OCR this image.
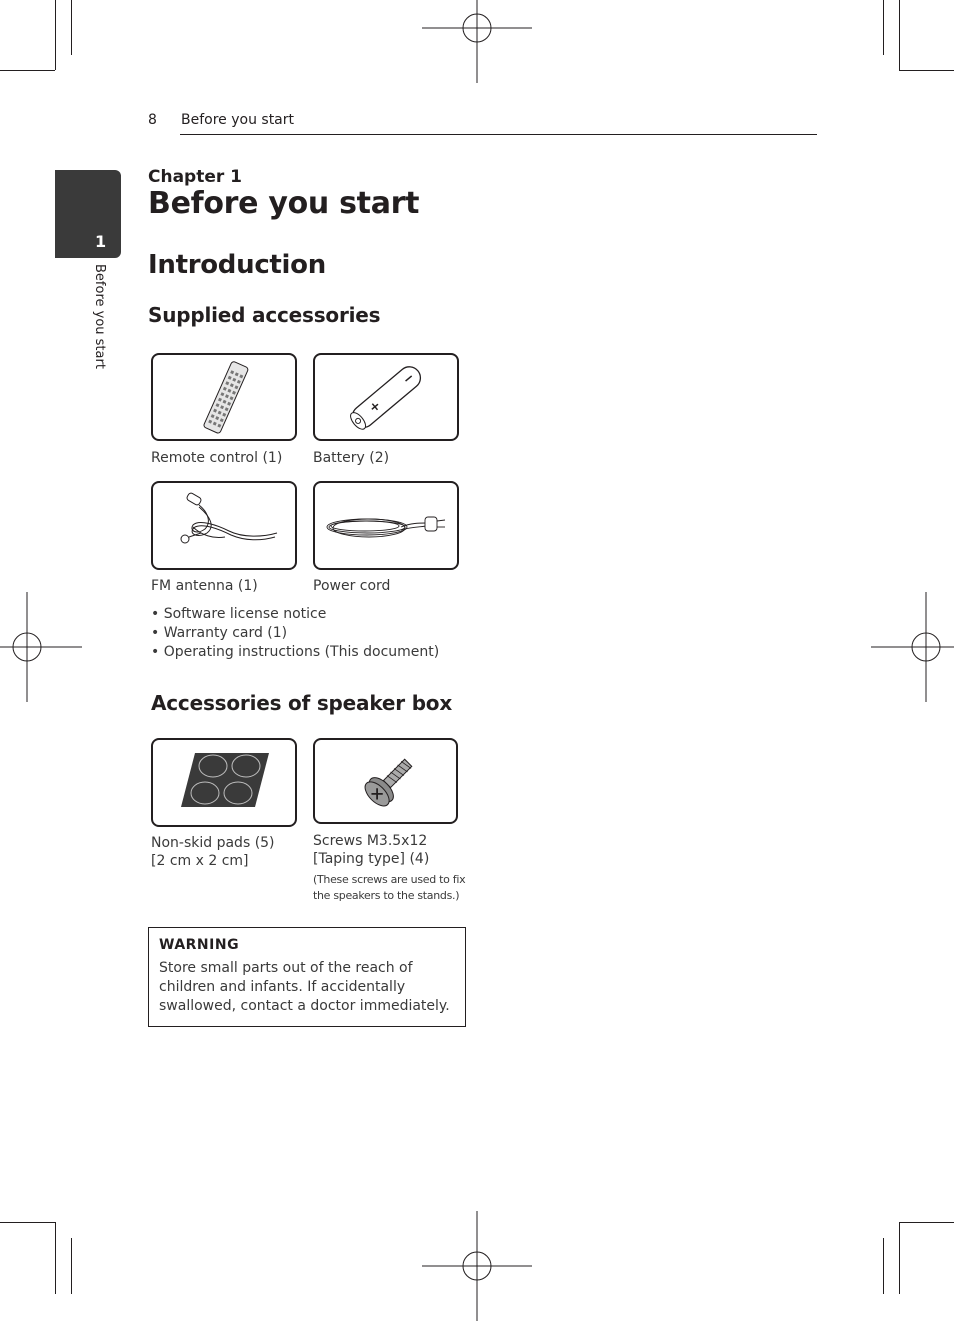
8 Before you start
1
Before you start
Chapter 1
Before you start
Introduction
Supplied accessories
Remote control (1) Battery (2)
FM antenna (1)	Power cord
• Software license notice
• Warranty card (1)
• Operating instructions (This document)
Accessories of speaker box
Non-skid pads (5)
[2 cm x 2 cm]
Screws M3.5x12
[Taping type] (4)
(These screws are used to fix
the speakers to the stands.)
WARNING
Store small parts out of the reach of children and infants. If accidentally swallowed, contact a doctor immediately.
